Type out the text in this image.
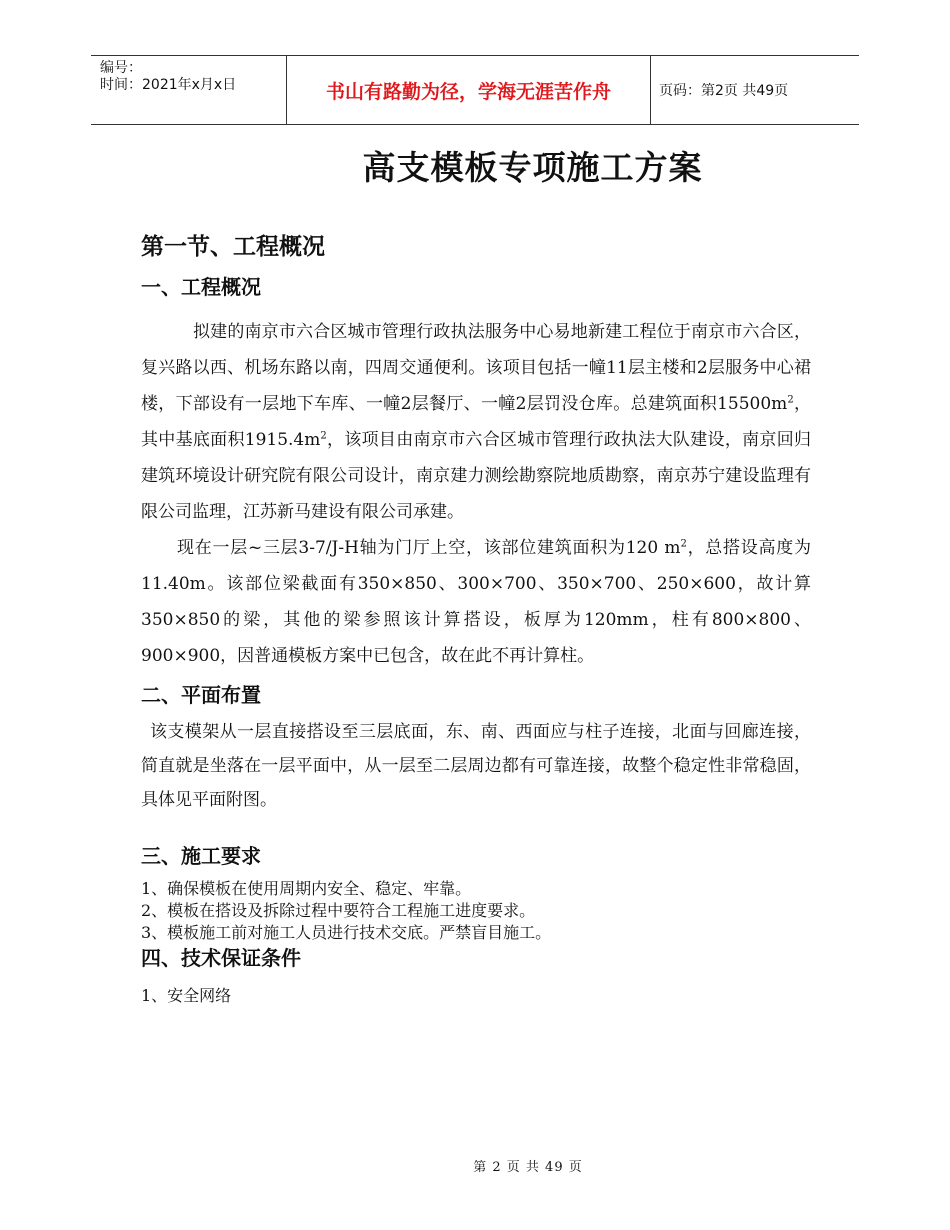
编号：
时间：2021年x月x日	书山有路勤为径，学海无涯苦作舟	页码：第2页 共49页
高支模板专项施工方案
第一节、工程概况
一、工程概况
拟建的南京市六合区城市管理行政执法服务中心易地新建工程位于南京市六合区，复兴路以西、机场东路以南，四周交通便利。该项目包括一幢11层主楼和2层服务中心裙楼，下部设有一层地下车库、一幢2层餐厅、一幢2层罚没仓库。总建筑面积$15500m^2$，其中基底面积$1915.4m^2$，该项目由南京市六合区城市管理行政执法大队建设，南京回归建筑环境设计研究院有限公司设计，南京建力测绘勘察院地质勘察，南京苏宁建设监理有限公司监理，江苏新马建设有限公司承建。
现在一层~三层3-7/J-H轴为门厅上空，该部位建筑面积为120 $m^2$，总搭设高度为11.40m。该部位梁截面有350×850、300×700、350×700、250×600，故计算350×850的梁，其他的梁参照该计算搭设，板厚为120mm，柱有800×800、900×900，因普通模板方案中已包含，故在此不再计算柱。
二、平面布置
该支模架从一层直接搭设至三层底面，东、南、西面应与柱子连接，北面与回廊连接，简直就是坐落在一层平面中，从一层至二层周边都有可靠连接，故整个稳定性非常稳固，具体见平面附图。
三、施工要求
1、确保模板在使用周期内安全、稳定、牢靠。
2、模板在搭设及拆除过程中要符合工程施工进度要求。
3、模板施工前对施工人员进行技术交底。严禁盲目施工。
四、技术保证条件
1、安全网络
第 2 页 共 49 页
